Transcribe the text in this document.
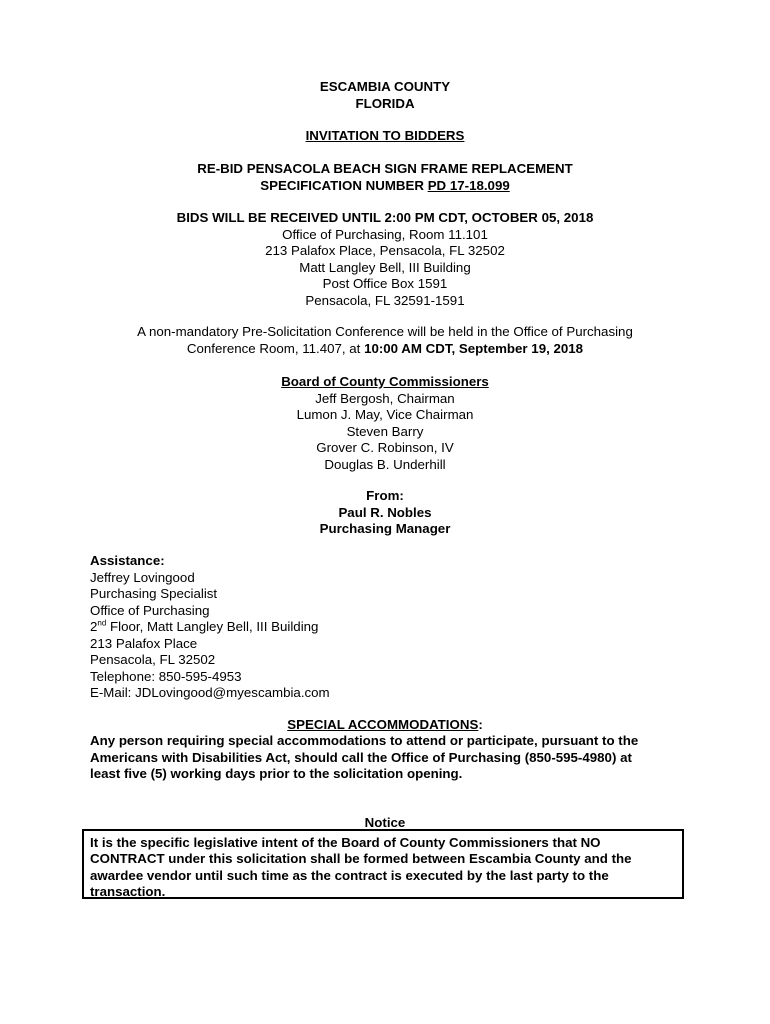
ESCAMBIA COUNTY
FLORIDA
INVITATION TO BIDDERS
RE-BID PENSACOLA BEACH SIGN FRAME REPLACEMENT
SPECIFICATION NUMBER PD 17-18.099
BIDS WILL BE RECEIVED UNTIL 2:00 PM CDT, OCTOBER 05, 2018
Office of Purchasing, Room 11.101
213 Palafox Place, Pensacola, FL 32502
Matt Langley Bell, III Building
Post Office Box 1591
Pensacola, FL 32591-1591
A non-mandatory Pre-Solicitation Conference will be held in the Office of Purchasing
Conference Room, 11.407, at 10:00 AM CDT, September 19, 2018
Board of County Commissioners
Jeff Bergosh, Chairman
Lumon J. May, Vice Chairman
Steven Barry
Grover C. Robinson, IV
Douglas B. Underhill
From:
Paul R. Nobles
Purchasing Manager
Assistance:
Jeffrey Lovingood
Purchasing Specialist
Office of Purchasing
2nd Floor, Matt Langley Bell, III Building
213 Palafox Place
Pensacola, FL 32502
Telephone: 850-595-4953
E-Mail: JDLovingood@myescambia.com
SPECIAL ACCOMMODATIONS:
Any person requiring special accommodations to attend or participate, pursuant to the
Americans with Disabilities Act, should call the Office of Purchasing (850-595-4980) at
least five (5) working days prior to the solicitation opening.
Notice
It is the specific legislative intent of the Board of County Commissioners that NO
CONTRACT under this solicitation shall be formed between Escambia County and the
awardee vendor until such time as the contract is executed by the last party to the
transaction.
